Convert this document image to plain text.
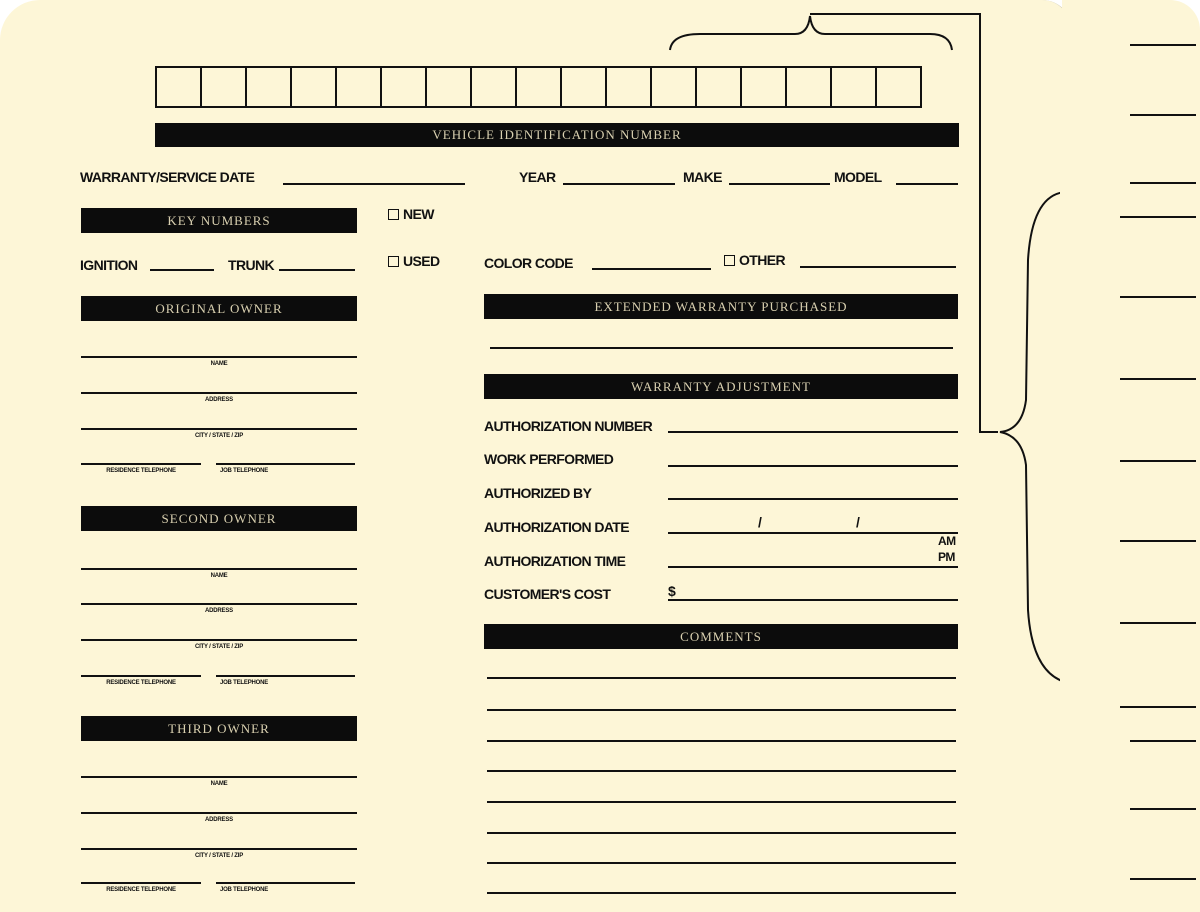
VEHICLE IDENTIFICATION NUMBER
WARRANTY/SERVICE DATE	YEAR	MAKE	MODEL
KEY NUMBERS	NEW
USED
IGNITION	TRUNK	COLOR CODE	OTHER
ORIGINAL OWNER
NAME
ADDRESS
CITY / STATE / ZIP
RESIDENCE TELEPHONE	JOB TELEPHONE
SECOND OWNER
NAME
ADDRESS
CITY / STATE / ZIP
RESIDENCE TELEPHONE	JOB TELEPHONE
THIRD OWNER
NAME
ADDRESS
CITY / STATE / ZIP
RESIDENCE TELEPHONE	JOB TELEPHONE
EXTENDED WARRANTY PURCHASED
WARRANTY ADJUSTMENT
AUTHORIZATION NUMBER
WORK PERFORMED
AUTHORIZED BY
AUTHORIZATION DATE	/	/
AUTHORIZATION TIME
AM
PM
CUSTOMER'S COST	$
COMMENTS
